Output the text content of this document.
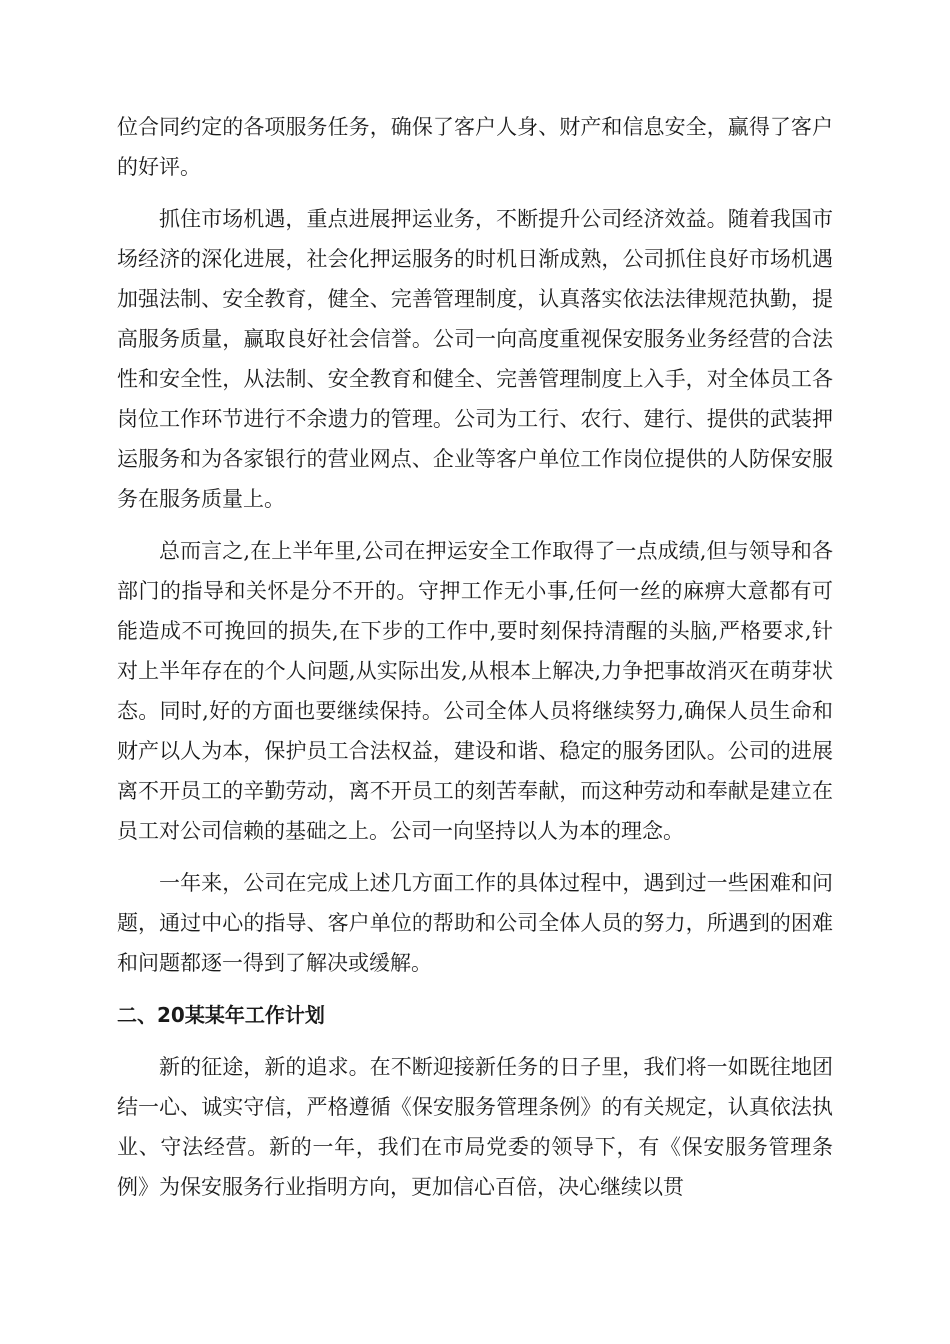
位合同约定的各项服务任务，确保了客户人身、财产和信息安全，赢得了客户的好评。

抓住市场机遇，重点进展押运业务，不断提升公司经济效益。随着我国市场经济的深化进展，社会化押运服务的时机日渐成熟，公司抓住良好市场机遇加强法制、安全教育，健全、完善管理制度，认真落实依法法律规范执勤，提高服务质量，赢取良好社会信誉。公司一向高度重视保安服务业务经营的合法性和安全性，从法制、安全教育和健全、完善管理制度上入手，对全体员工各岗位工作环节进行不余遗力的管理。公司为工行、农行、建行、提供的武装押运服务和为各家银行的营业网点、企业等客户单位工作岗位提供的人防保安服务在服务质量上。

总而言之,在上半年里,公司在押运安全工作取得了一点成绩,但与领导和各部门的指导和关怀是分不开的。守押工作无小事,任何一丝的麻痹大意都有可能造成不可挽回的损失,在下步的工作中,要时刻保持清醒的头脑,严格要求,针对上半年存在的个人问题,从实际出发,从根本上解决,力争把事故消灭在萌芽状态。同时,好的方面也要继续保持。公司全体人员将继续努力,确保人员生命和财产以人为本，保护员工合法权益，建设和谐、稳定的服务团队。公司的进展离不开员工的辛勤劳动，离不开员工的刻苦奉献，而这种劳动和奉献是建立在员工对公司信赖的基础之上。公司一向坚持以人为本的理念。

一年来，公司在完成上述几方面工作的具体过程中，遇到过一些困难和问题，通过中心的指导、客户单位的帮助和公司全体人员的努力，所遇到的困难和问题都逐一得到了解决或缓解。

二、20某某年工作计划

新的征途，新的追求。在不断迎接新任务的日子里，我们将一如既往地团结一心、诚实守信，严格遵循《保安服务管理条例》的有关规定，认真依法执业、守法经营。新的一年，我们在市局党委的领导下，有《保安服务管理条例》为保安服务行业指明方向，更加信心百倍，决心继续以贯
